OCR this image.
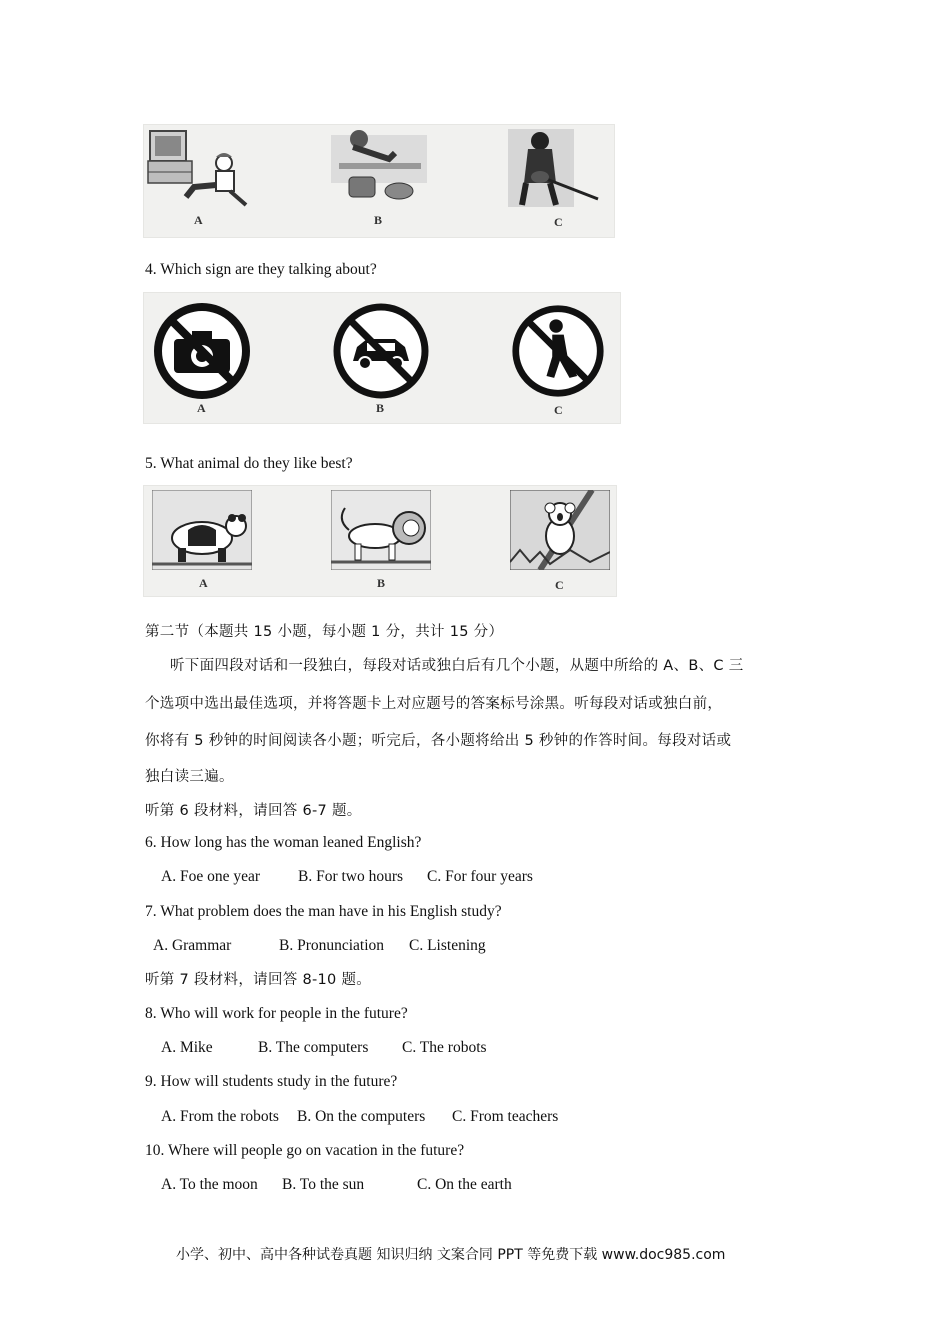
A	B	C
4. Which sign are they talking about?
A	B	C
5. What animal do they like best?
A	B	C
第二节（本题共 15 小题，每小题 1 分，共计 15 分）
听下面四段对话和一段独白，每段对话或独白后有几个小题，从题中所给的 A、B、C 三
个选项中选出最佳选项，并将答题卡上对应题号的答案标号涂黑。听每段对话或独白前，
你将有 5 秒钟的时间阅读各小题；听完后，各小题将给出 5 秒钟的作答时间。每段对话或
独白读三遍。
听第 6 段材料，请回答 6-7 题。
6. How long has the woman leaned English?
A. Foe one year B. For two hours C. For four years
7. What problem does the man have in his English study?
A. Grammar	B. Pronunciation C. Listening
听第 7 段材料，请回答 8-10 题。
8. Who will work for people in the future?
A. Mike	B. The computers C. The robots
9. How will students study in the future?
A. From the robots B. On the computers C. From teachers
10. Where will people go on vacation in the future?
A. To the moon B. To the sun	C. On the earth
小学、初中、高中各种试卷真题 知识归纳 文案合同 PPT 等免费下载 www.doc985.com
